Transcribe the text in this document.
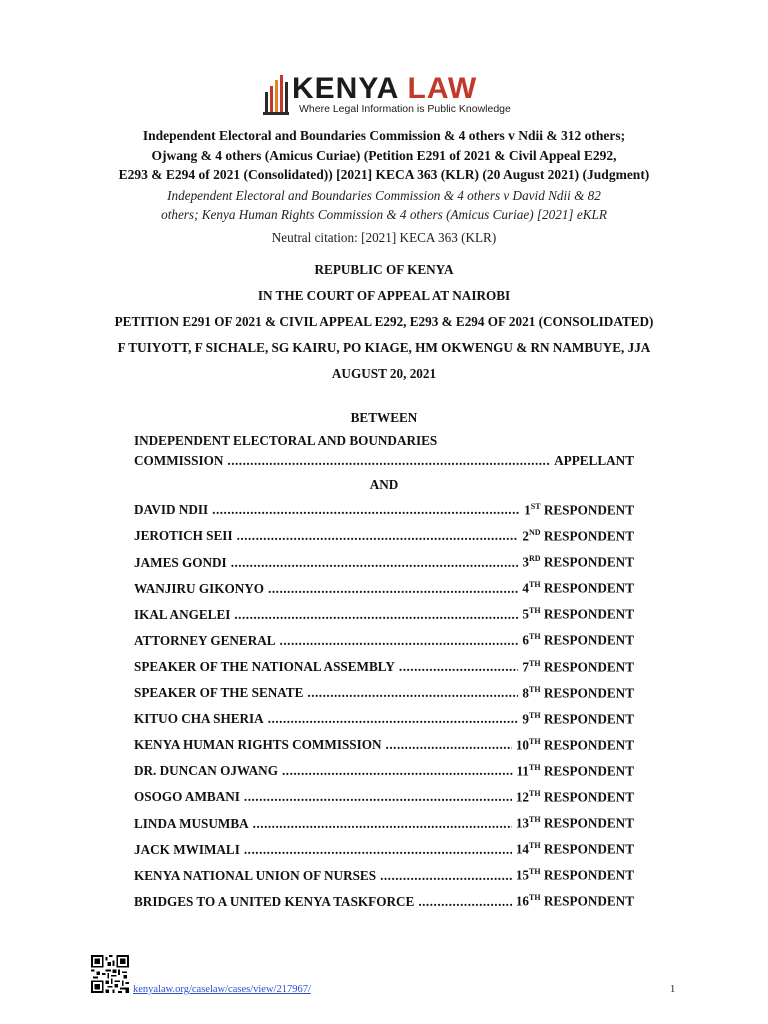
KENYA LAW
Where Legal Information is Public Knowledge
Independent Electoral and Boundaries Commission & 4 others v Ndii & 312 others;
Ojwang & 4 others (Amicus Curiae) (Petition E291 of 2021 & Civil Appeal E292,
E293 & E294 of 2021 (Consolidated)) [2021] KECA 363 (KLR) (20 August 2021) (Judgment)
Independent Electoral and Boundaries Commission & 4 others v David Ndii & 82
others; Kenya Human Rights Commission & 4 others (Amicus Curiae) [2021] eKLR
Neutral citation: [2021] KECA 363 (KLR)
REPUBLIC OF KENYA
IN THE COURT OF APPEAL AT NAIROBI
PETITION E291 OF 2021 & CIVIL APPEAL E292, E293 & E294 OF 2021 (CONSOLIDATED)
F TUIYOTT, F SICHALE, SG KAIRU, PO KIAGE, HM OKWENGU & RN NAMBUYE, JJA
AUGUST 20, 2021
BETWEEN
INDEPENDENT ELECTORAL AND BOUNDARIES
COMMISSION .....	APPELLANT
AND
DAVID NDII .....	1ST RESPONDENT
JEROTICH SEII .....	2ND RESPONDENT
JAMES GONDI .....	3RD RESPONDENT
WANJIRU GIKONYO .....	4TH RESPONDENT
IKAL ANGELEI .....	5TH RESPONDENT
ATTORNEY GENERAL .....	6TH RESPONDENT
SPEAKER OF THE NATIONAL ASSEMBLY .....	7TH RESPONDENT
SPEAKER OF THE SENATE .....	8TH RESPONDENT
KITUO CHA SHERIA .....	9TH RESPONDENT
KENYA HUMAN RIGHTS COMMISSION .....	10TH RESPONDENT
DR. DUNCAN OJWANG .....	11TH RESPONDENT
OSOGO AMBANI .....	12TH RESPONDENT
LINDA MUSUMBA .....	13TH RESPONDENT
JACK MWIMALI .....	14TH RESPONDENT
KENYA NATIONAL UNION OF NURSES .....	15TH RESPONDENT
BRIDGES TO A UNITED KENYA TASKFORCE .....	16TH RESPONDENT
kenyalaw.org/caselaw/cases/view/217967/	1
